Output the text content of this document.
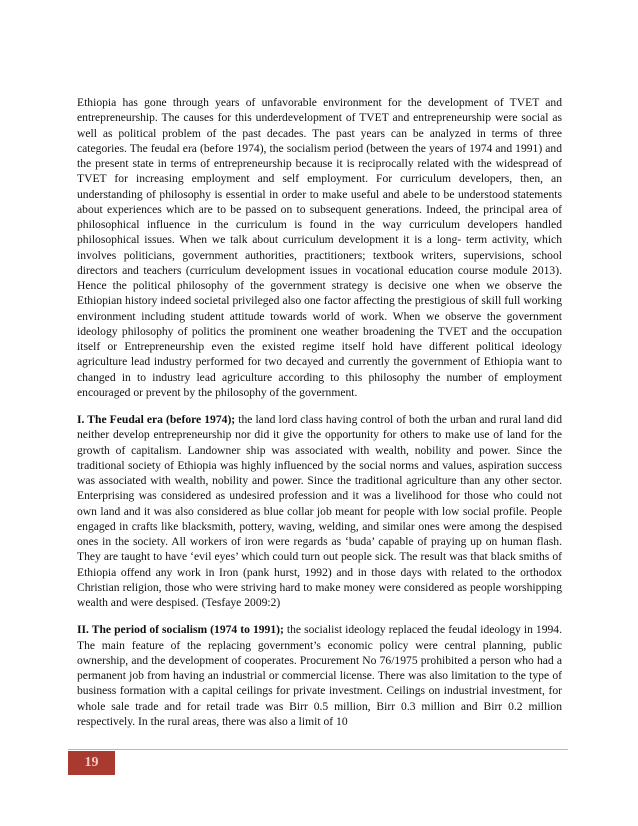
Ethiopia has gone through years of unfavorable environment for the development of TVET and entrepreneurship. The causes for this underdevelopment of TVET and entrepreneurship were social as well as political problem of the past decades. The past years can be analyzed in terms of three categories. The feudal era (before 1974), the socialism period (between the years of 1974 and 1991) and the present state in terms of entrepreneurship because it is reciprocally related with the widespread of TVET for increasing employment and self employment. For curriculum developers, then, an understanding of philosophy is essential in order to make useful and abele to be understood statements about experiences which are to be passed on to subsequent generations. Indeed, the principal area of philosophical influence in the curriculum is found in the way curriculum developers handled philosophical issues. When we talk about curriculum development it is a long- term activity, which involves politicians, government authorities, practitioners; textbook writers, supervisions, school directors and teachers (curriculum development issues in vocational education course module 2013). Hence the political philosophy of the government strategy is decisive one when we observe the Ethiopian history indeed societal privileged also one factor affecting the prestigious of skill full working environment including student attitude towards world of work. When we observe the government ideology philosophy of politics the prominent one weather broadening the TVET and the occupation itself or Entrepreneurship even the existed regime itself hold have different political ideology agriculture lead industry performed for two decayed and currently the government of Ethiopia want to changed in to industry lead agriculture according to this philosophy the number of employment encouraged or prevent by the philosophy of the government.

I. The Feudal era (before 1974); the land lord class having control of both the urban and rural land did neither develop entrepreneurship nor did it give the opportunity for others to make use of land for the growth of capitalism. Landowner ship was associated with wealth, nobility and power. Since the traditional society of Ethiopia was highly influenced by the social norms and values, aspiration success was associated with wealth, nobility and power. Since the traditional agriculture than any other sector. Enterprising was considered as undesired profession and it was a livelihood for those who could not own land and it was also considered as blue collar job meant for people with low social profile. People engaged in crafts like blacksmith, pottery, waving, welding, and similar ones were among the despised ones in the society. All workers of iron were regards as ‘buda’ capable of praying up on human flash. They are taught to have ‘evil eyes’ which could turn out people sick. The result was that black smiths of Ethiopia offend any work in Iron (pank hurst, 1992) and in those days with related to the orthodox Christian religion, those who were striving hard to make money were considered as people worshipping wealth and were despised. (Tesfaye 2009:2)

II. The period of socialism (1974 to 1991); the socialist ideology replaced the feudal ideology in 1994. The main feature of the replacing government’s economic policy were central planning, public ownership, and the development of cooperates. Procurement No 76/1975 prohibited a person who had a permanent job from having an industrial or commercial license. There was also limitation to the type of business formation with a capital ceilings for private investment. Ceilings on industrial investment, for whole sale trade and for retail trade was Birr 0.5 million, Birr 0.3 million and Birr 0.2 million respectively. In the rural areas, there was also a limit of 10

19
